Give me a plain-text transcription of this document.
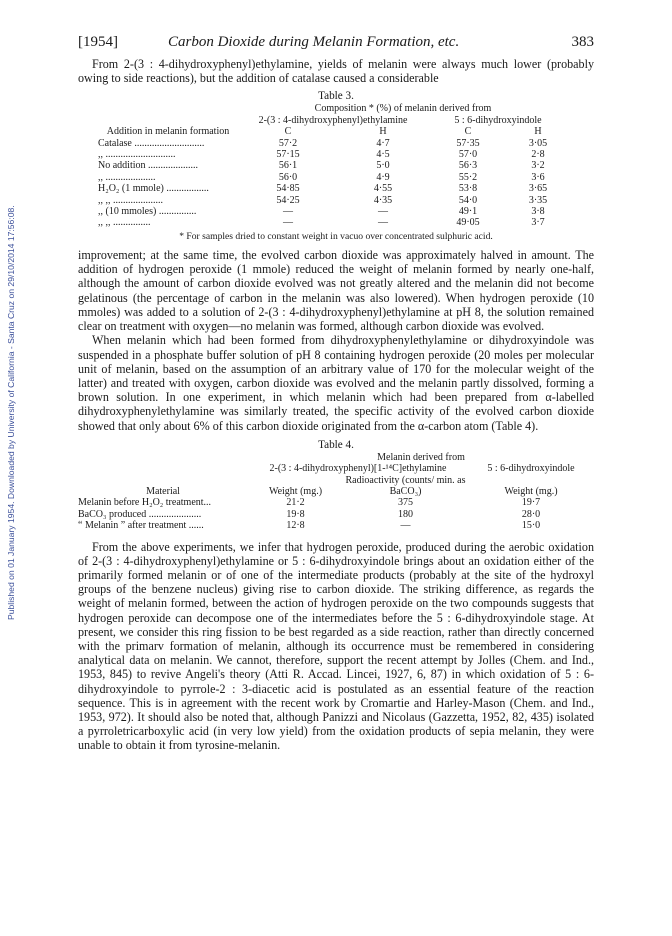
Published on 01 January 1954. Downloaded by University of California - Santa Cruz on 29/10/2014 17:56:08.
[1954]	Carbon Dioxide during Melanin Formation, etc.	383

From 2-(3 : 4-dihydroxyphenyl)ethylamine, yields of melanin were always much lower (probably owing to side reactions), but the addition of catalase caused a considerable

Table 3.

	Composition * (%) of melanin derived from			
Addition in melanin formation	2-(3 : 4-dihydroxyphenyl)ethylamine		5 : 6-dihydroxyindole	
	C	H	C	H
Catalase ............................	57·2	4·7	57·35	3·05
,, ............................	57·15	4·5	57·0	2·8
No addition ....................	56·1	5·0	56·3	3·2
,, ....................	56·0	4·9	55·2	3·6
H₂O₂ (1 mmole) .................	54·85	4·55	53·8	3·65
,, ,, ....................	54·25	4·35	54·0	3·35
,, (10 mmoles) ...............	—	—	49·1	3·8
,, ,, ...............	—	—	49·05	3·7

* For samples dried to constant weight in vacuo over concentrated sulphuric acid.

improvement; at the same time, the evolved carbon dioxide was approximately halved in amount. The addition of hydrogen peroxide (1 mmole) reduced the weight of melanin formed by nearly one-half, although the amount of carbon dioxide evolved was not greatly altered and the melanin did not become gelatinous (the percentage of carbon in the melanin was also lowered). When hydrogen peroxide (10 mmoles) was added to a solution of 2-(3 : 4-dihydroxyphenyl)ethylamine at pH 8, the solution remained clear on treatment with oxygen—no melanin was formed, although carbon dioxide was evolved.

When melanin which had been formed from dihydroxyphenylethylamine or dihydroxyindole was suspended in a phosphate buffer solution of pH 8 containing hydrogen peroxide (20 moles per molecular unit of melanin, based on the assumption of an arbitrary value of 170 for the molecular weight of the latter) and treated with oxygen, carbon dioxide was evolved and the melanin partly dissolved, forming a brown solution. In one experiment, in which melanin which had been prepared from α-labelled dihydroxyphenylethylamine was similarly treated, the specific activity of the evolved carbon dioxide showed that only about 6% of this carbon dioxide originated from the α-carbon atom (Table 4).

Table 4.

	Melanin derived from		
	2-(3 : 4-dihydroxyphenyl)[1-¹⁴C]ethylamine		5 : 6-dihydroxyindole
Material	Weight (mg.)	Radioactivity (counts/ min. as BaCO₃)	Weight (mg.)
Melanin before H₂O₂ treatment...	21·2	375	19·7
BaCO₃ produced .....................	19·8	180	28·0
“ Melanin ” after treatment ......	12·8	—	15·0

From the above experiments, we infer that hydrogen peroxide, produced during the aerobic oxidation of 2-(3 : 4-dihydroxyphenyl)ethylamine or 5 : 6-dihydroxyindole brings about an oxidation either of the primarily formed melanin or of one of the intermediate products (probably at the site of the hydroxyl groups of the benzene nucleus) giving rise to carbon dioxide. The striking difference, as regards the weight of melanin formed, between the action of hydrogen peroxide on the two compounds suggests that hydrogen peroxide can decompose one of the intermediates before the 5 : 6-dihydroxyindole stage. At present, we consider this ring fission to be best regarded as a side reaction, rather than directly concerned with the primarv formation of melanin, although its occurrence must be remembered in considering analytical data on melanin. We cannot, therefore, support the recent attempt by Jolles (Chem. and Ind., 1953, 845) to revive Angeli's theory (Atti R. Accad. Lincei, 1927, 6, 87) in which oxidation of 5 : 6-dihydroxyindole to pyrrole-2 : 3-diacetic acid is postulated as an essential feature of the reaction sequence. This is in agreement with the recent work by Cromartie and Harley-Mason (Chem. and Ind., 1953, 972). It should also be noted that, although Panizzi and Nicolaus (Gazzetta, 1952, 82, 435) isolated a pyrroletricarboxylic acid (in very low yield) from the oxidation products of sepia melanin, they were unable to obtain it from tyrosine-melanin.
